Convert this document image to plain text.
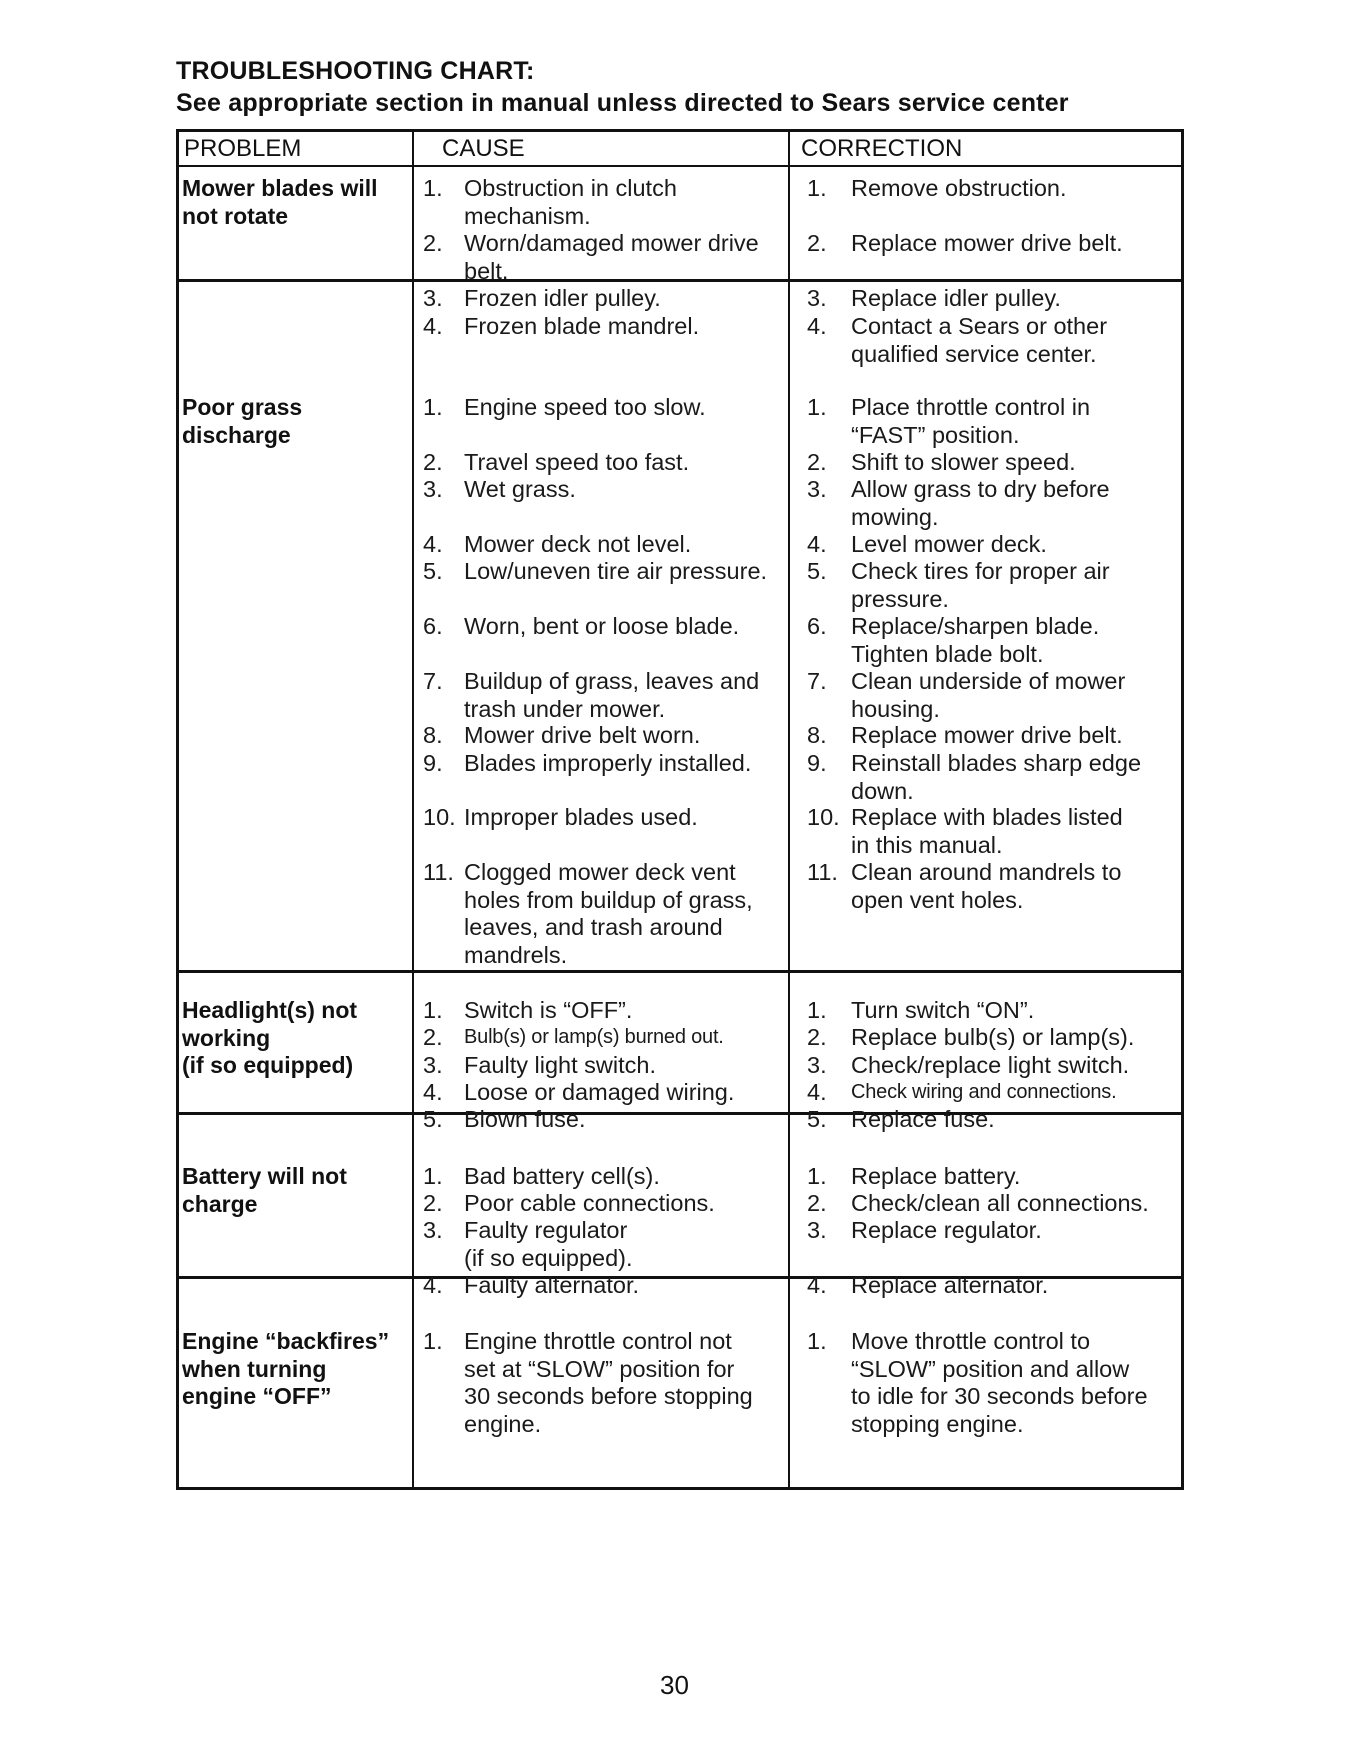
TROUBLESHOOTING CHART:
See appropriate section in manual unless directed to Sears service center
PROBLEM	CAUSE	CORRECTION
Mower blades will
not rotate
1. Obstruction in clutch
mechanism.
2. Worn/damaged mower drive
belt.
3. Frozen idler pulley.
4. Frozen blade mandrel.
1. Remove obstruction.
2. Replace mower drive belt.
3. Replace idler pulley.
4. Contact a Sears or other
qualified service center.
Poor grass
discharge
1. Engine speed too slow.
2. Travel speed too fast.
3. Wet grass.
4. Mower deck not level.
5. Low/uneven tire air pressure.
6. Worn, bent or loose blade.
7. Buildup of grass, leaves and
trash under mower.
8. Mower drive belt worn.
9. Blades improperly installed.
10. Improper blades used.
11. Clogged mower deck vent
holes from buildup of grass,
leaves, and trash around
mandrels.
1. Place throttle control in
“FAST” position.
2. Shift to slower speed.
3. Allow grass to dry before
mowing.
4. Level mower deck.
5. Check tires for proper air
pressure.
6. Replace/sharpen blade.
Tighten blade bolt.
7. Clean underside of mower
housing.
8. Replace mower drive belt.
9. Reinstall blades sharp edge
down.
10. Replace with blades listed
in this manual.
11. Clean around mandrels to
open vent holes.
Headlight(s) not
working
(if so equipped)
1. Switch is “OFF”.
2. Bulb(s) or lamp(s) burned out.
3. Faulty light switch.
4. Loose or damaged wiring.
5. Blown fuse.
1. Turn switch “ON”.
2. Replace bulb(s) or lamp(s).
3. Check/replace light switch.
4. Check wiring and connections.
5. Replace fuse.
Battery will not
charge
1. Bad battery cell(s).
2. Poor cable connections.
3. Faulty regulator
(if so equipped).
4. Faulty alternator.
1. Replace battery.
2. Check/clean all connections.
3. Replace regulator.
4. Replace alternator.
Engine “backfires”
when turning
engine “OFF”
1. Engine throttle control not
set at “SLOW” position for
30 seconds before stopping
engine.
1. Move throttle control to
“SLOW” position and allow
to idle for 30 seconds before
stopping engine.
30
